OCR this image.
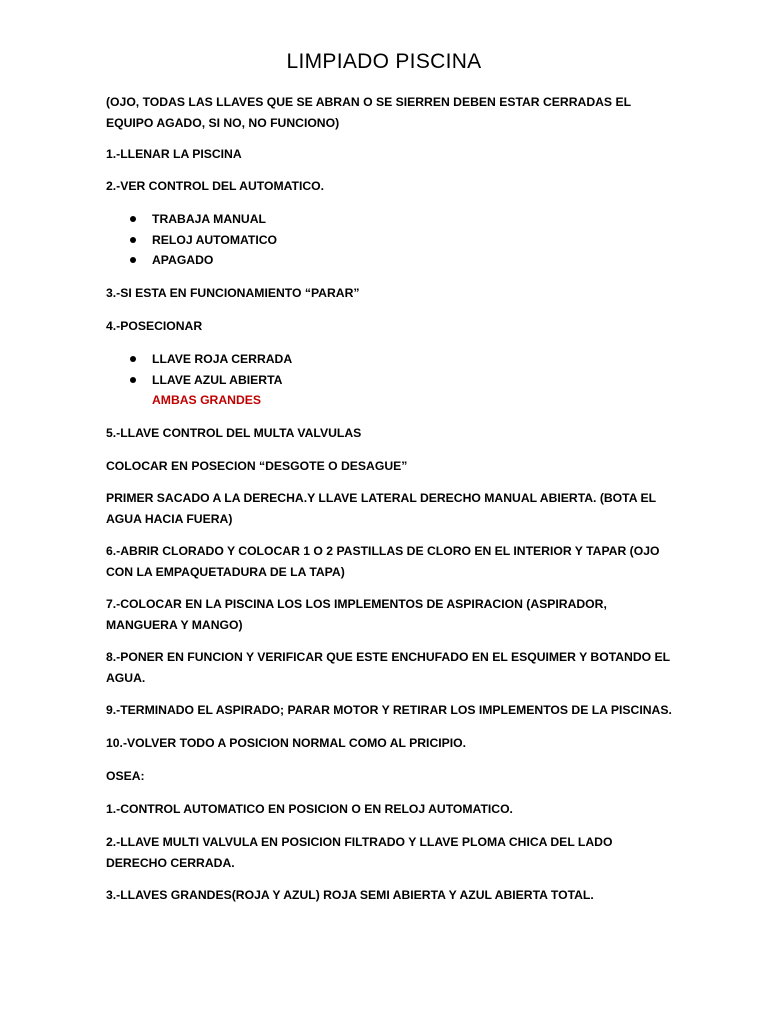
LIMPIADO PISCINA
(OJO, TODAS LAS LLAVES QUE SE ABRAN O SE SIERREN DEBEN ESTAR CERRADAS EL EQUIPO AGADO, SI NO, NO FUNCIONO)
1.-LLENAR LA PISCINA
2.-VER CONTROL DEL AUTOMATICO.
TRABAJA MANUAL
RELOJ AUTOMATICO
APAGADO
3.-SI ESTA EN FUNCIONAMIENTO “PARAR”
4.-POSECIONAR
LLAVE ROJA CERRADA
LLAVE AZUL ABIERTA
AMBAS GRANDES
5.-LLAVE CONTROL DEL MULTA VALVULAS
COLOCAR EN POSECION “DESGOTE O DESAGUE”
PRIMER SACADO A LA DERECHA.Y LLAVE LATERAL DERECHO MANUAL ABIERTA. (BOTA EL AGUA HACIA FUERA)
6.-ABRIR CLORADO Y COLOCAR 1 O 2 PASTILLAS DE CLORO EN EL INTERIOR Y TAPAR (OJO CON LA EMPAQUETADURA DE LA TAPA)
7.-COLOCAR EN LA PISCINA LOS LOS IMPLEMENTOS DE ASPIRACION (ASPIRADOR, MANGUERA Y MANGO)
8.-PONER EN FUNCION Y VERIFICAR QUE ESTE ENCHUFADO EN EL ESQUIMER Y BOTANDO EL AGUA.
9.-TERMINADO EL ASPIRADO; PARAR MOTOR Y RETIRAR LOS IMPLEMENTOS DE LA PISCINAS.
10.-VOLVER TODO A POSICION NORMAL COMO AL PRICIPIO.
OSEA:
1.-CONTROL AUTOMATICO EN POSICION O EN RELOJ AUTOMATICO.
2.-LLAVE MULTI VALVULA EN POSICION FILTRADO Y LLAVE PLOMA CHICA DEL LADO DERECHO CERRADA.
3.-LLAVES GRANDES(ROJA Y AZUL) ROJA SEMI ABIERTA Y AZUL ABIERTA TOTAL.
